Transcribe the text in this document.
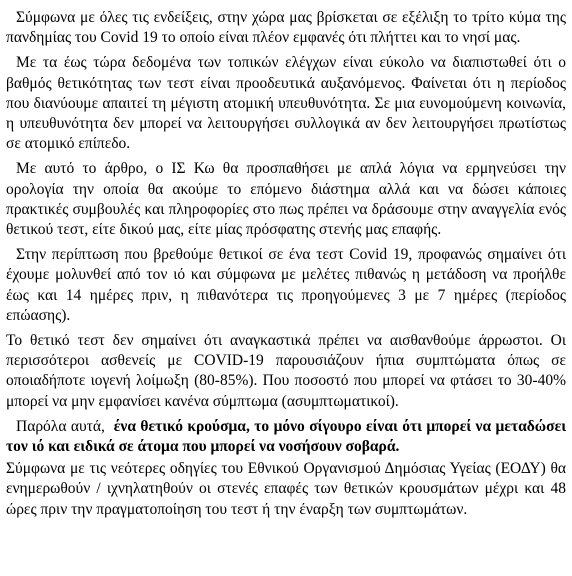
Σύμφωνα με όλες τις ενδείξεις, στην χώρα μας βρίσκεται σε εξέλιξη το τρίτο κύμα της πανδημίας του Covid 19 το οποίο είναι πλέον εμφανές ότι πλήττει και το νησί μας.

Με τα έως τώρα δεδομένα των τοπικών ελέγχων είναι εύκολο να διαπιστωθεί ότι ο βαθμός θετικότητας των τεστ είναι προοδευτικά αυξανόμενος. Φαίνεται ότι η περίοδος που διανύουμε απαιτεί τη μέγιστη ατομική υπευθυνότητα. Σε μια ευνομούμενη κοινωνία, η υπευθυνότητα δεν μπορεί να λειτουργήσει συλλογικά αν δεν λειτουργήσει πρωτίστως σε ατομικό επίπεδο.

Με αυτό το άρθρο, ο ΙΣ Κω θα προσπαθήσει με απλά λόγια να ερμηνεύσει την ορολογία την οποία θα ακούμε το επόμενο διάστημα αλλά και να δώσει κάποιες πρακτικές συμβουλές και πληροφορίες στο πως πρέπει να δράσουμε στην αναγγελία ενός θετικού τεστ, είτε δικού μας, είτε μίας πρόσφατης στενής μας επαφής.

Στην περίπτωση που βρεθούμε θετικοί σε ένα τεστ Covid 19, προφανώς σημαίνει ότι έχουμε μολυνθεί από τον ιό και σύμφωνα με μελέτες πιθανώς η μετάδοση να προήλθε έως και 14 ημέρες πριν, η πιθανότερα τις προηγούμενες 3 με 7 ημέρες (περίοδος επώασης).

Το θετικό τεστ δεν σημαίνει ότι αναγκαστικά πρέπει να αισθανθούμε άρρωστοι. Οι περισσότεροι ασθενείς με COVID-19 παρουσιάζουν ήπια συμπτώματα όπως σε οποιαδήποτε ιογενή λοίμωξη (80-85%). Που ποσοστό που μπορεί να φτάσει το 30-40% μπορεί να μην εμφανίσει κανένα σύμπτωμα (ασυμπτωματικοί).

Παρόλα αυτά, ένα θετικό κρούσμα, το μόνο σίγουρο είναι ότι μπορεί να μεταδώσει τον ιό και ειδικά σε άτομα που μπορεί να νοσήσουν σοβαρά.

Σύμφωνα με τις νεότερες οδηγίες του Εθνικού Οργανισμού Δημόσιας Υγείας (ΕΟΔΥ) θα ενημερωθούν / ιχνηλατηθούν οι στενές επαφές των θετικών κρουσμάτων μέχρι και 48 ώρες πριν την πραγματοποίηση του τεστ ή την έναρξη των συμπτωμάτων.
